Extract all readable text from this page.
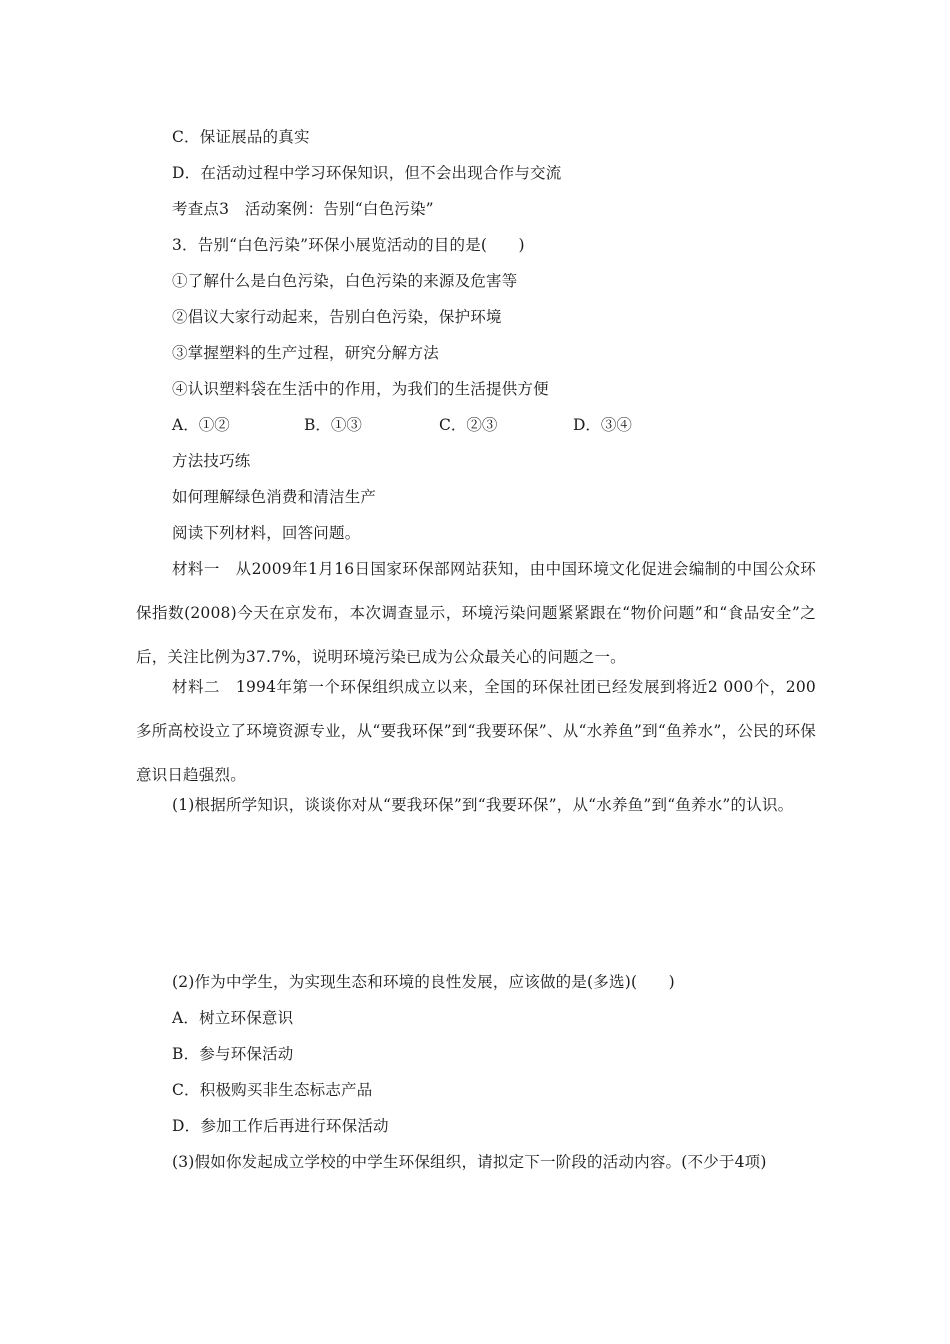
C．保证展品的真实
D．在活动过程中学习环保知识，但不会出现合作与交流
考查点3　活动案例：告别“白色污染”
3．告别“白色污染”环保小展览活动的目的是(　　)
①了解什么是白色污染，白色污染的来源及危害等
②倡议大家行动起来，告别白色污染，保护环境
③掌握塑料的生产过程，研究分解方法
④认识塑料袋在生活中的作用，为我们的生活提供方便
A．①②	B．①③	C．②③	D．③④
方法技巧练
如何理解绿色消费和清洁生产
阅读下列材料，回答问题。
材料一　从2009年1月16日国家环保部网站获知，由中国环境文化促进会编制的中国公众环保指数(2008)今天在京发布，本次调查显示，环境污染问题紧紧跟在“物价问题”和“食品安全”之后，关注比例为37.7%，说明环境污染已成为公众最关心的问题之一。
材料二　1994年第一个环保组织成立以来，全国的环保社团已经发展到将近2 000个，200多所高校设立了环境资源专业，从“要我环保”到“我要环保”、从“水养鱼”到“鱼养水”，公民的环保意识日趋强烈。
(1)根据所学知识，谈谈你对从“要我环保”到“我要环保”，从“水养鱼”到“鱼养水”的认识。
(2)作为中学生，为实现生态和环境的良性发展，应该做的是(多选)(　　)
A．树立环保意识
B．参与环保活动
C．积极购买非生态标志产品
D．参加工作后再进行环保活动
(3)假如你发起成立学校的中学生环保组织，请拟定下一阶段的活动内容。(不少于4项)
